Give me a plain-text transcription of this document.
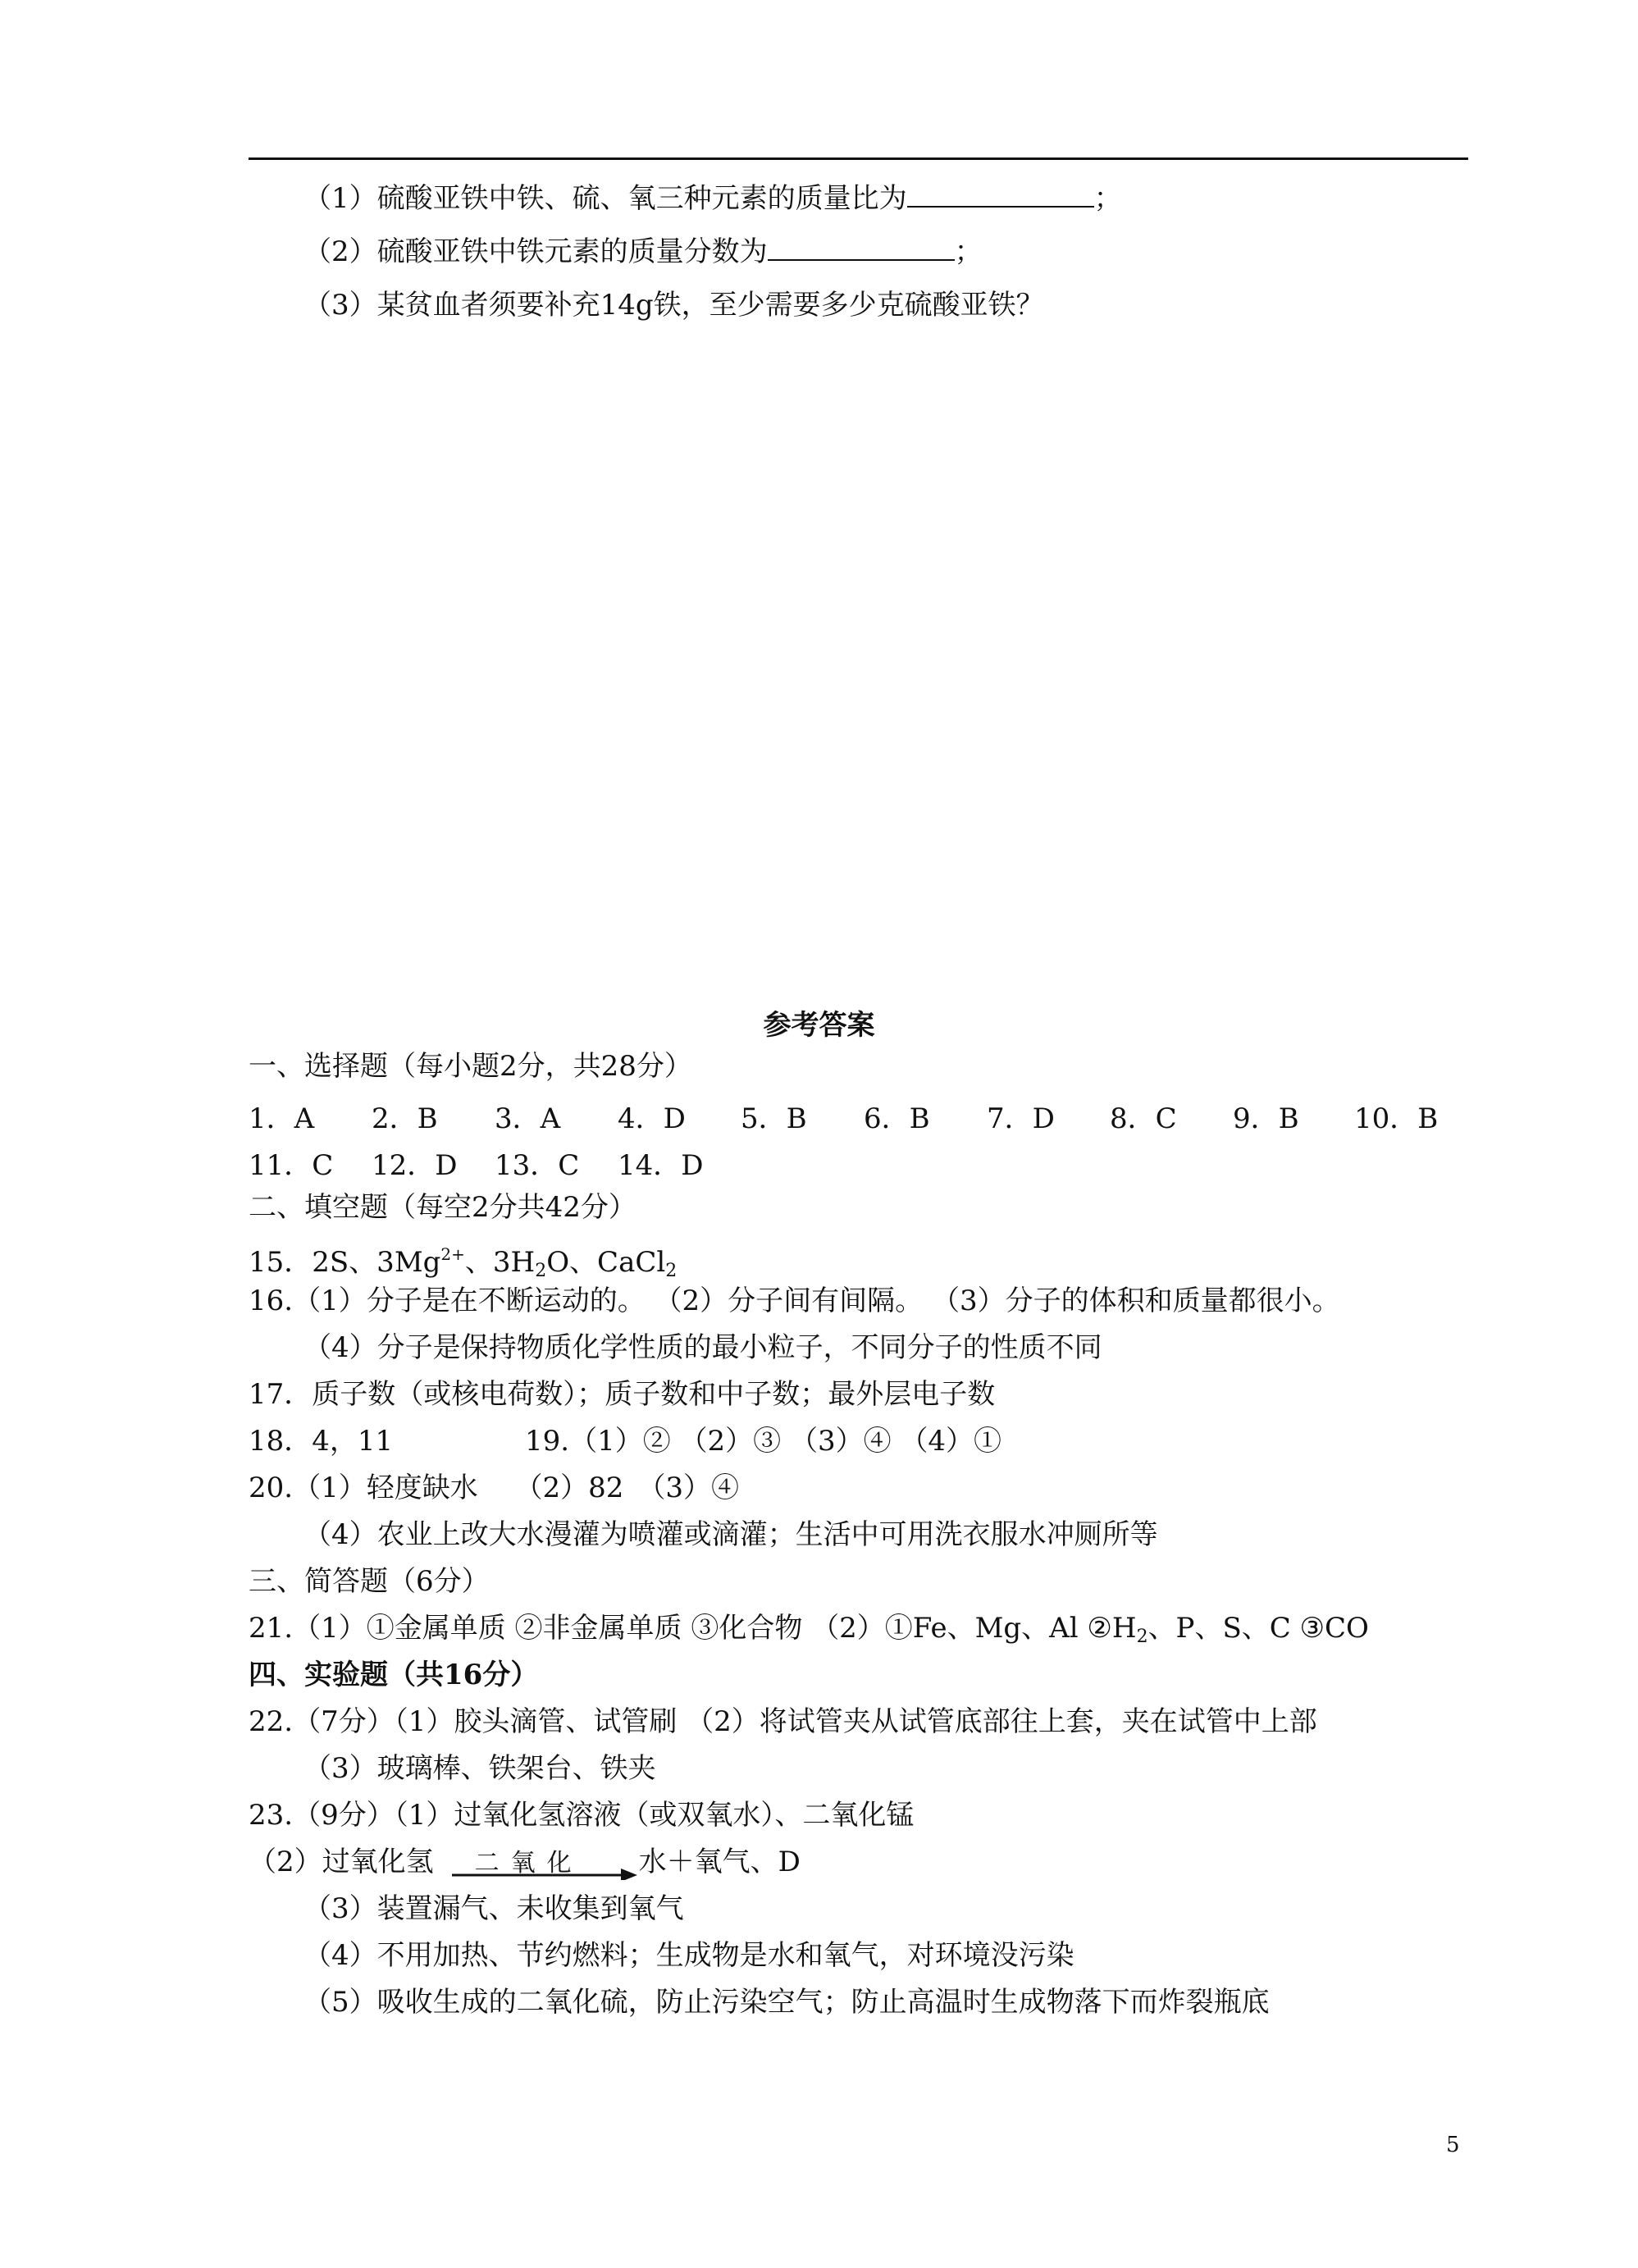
（1）硫酸亚铁中铁、硫、氧三种元素的质量比为	；
（2）硫酸亚铁中铁元素的质量分数为	；
（3）某贫血者须要补充14g铁，至少需要多少克硫酸亚铁？
参考答案
一、选择题（每小题2分，共28分）
1．A 2．B 3．A 4．D 5．B 6．B 7．D 8．C 9．B 10．B
11．C 12．D 13．C 14．D
二、填空题（每空2分共42分）
15．2S、$3Mg^{2+}$、$3H_2O$、CaCl$_2$
16.（1）分子是在不断运动的。 （2）分子间有间隔。 （3）分子的体积和质量都很小。
（4）分子是保持物质化学性质的最小粒子，不同分子的性质不同
17．质子数（或核电荷数）；质子数和中子数；最外层电子数
18．4，11	19.（1）② （2）③ （3）④ （4）①
20.（1）轻度缺水　 （2）82　（3）④
（4）农业上改大水漫灌为喷灌或滴灌；生活中可用洗衣服水冲厕所等
三、简答题（6分）
21.（1）①金属单质 ②非金属单质 ③化合物 （2）①Fe、Mg、Al $②H_2$、P、S、C ③CO
四、实验题（共16分）
22.（7分）（1）胶头滴管、试管刷 （2）将试管夹从试管底部往上套，夹在试管中上部
（3）玻璃棒、铁架台、铁夹
23.（9分）（1）过氧化氢溶液（或双氧水）、二氧化锰
（2）过氧化氢 二氧化 水＋氧气、D
（3）装置漏气、未收集到氧气
（4）不用加热、节约燃料；生成物是水和氧气，对环境没污染
（5）吸收生成的二氧化硫，防止污染空气；防止高温时生成物落下而炸裂瓶底
5
